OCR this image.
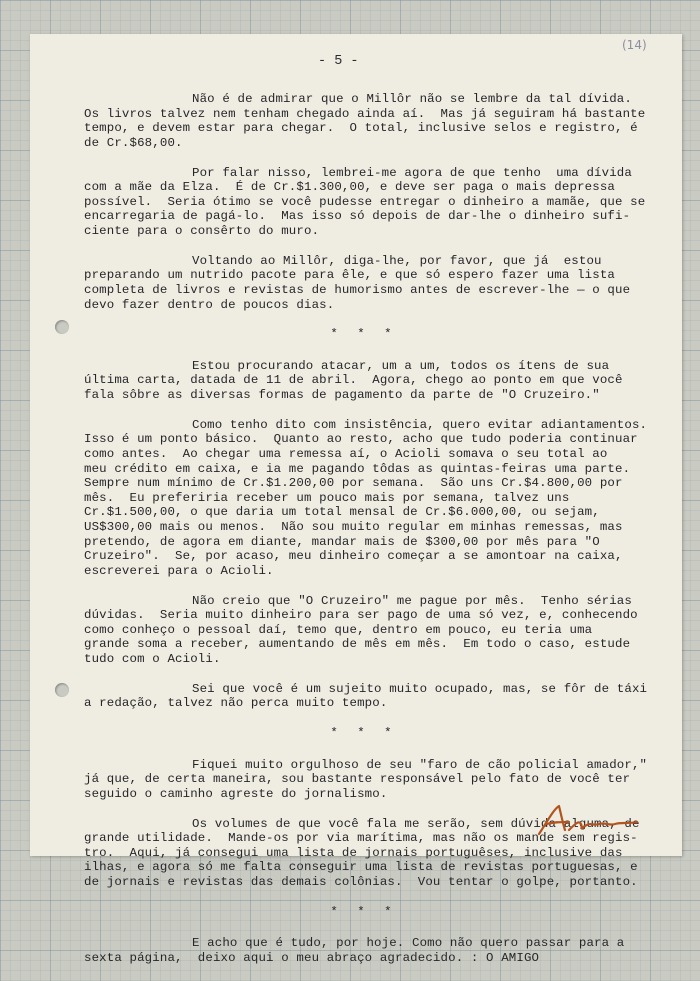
- 5 -
(14)
Não é de admirar que o Millôr não se lembre da tal dívida.
Os livros talvez nem tenham chegado ainda aí.  Mas já seguiram há bastante
tempo, e devem estar para chegar.  O total, inclusive selos e registro, é
de Cr.$68,00.
Por falar nisso, lembrei-me agora de que tenho  uma dívida
com a mãe da Elza.  É de Cr.$1.300,00, e deve ser paga o mais depressa
possível.  Seria ótimo se você pudesse entregar o dinheiro a mamãe, que se
encarregaria de pagá-lo.  Mas isso só depois de dar-lhe o dinheiro sufi-
ciente para o consêrto do muro.
Voltando ao Millôr, diga-lhe, por favor, que já  estou
preparando um nutrido pacote para êle, e que só espero fazer uma lista
completa de livros e revistas de humorismo antes de escrever-lhe — o que
devo fazer dentro de poucos dias.
* * *
Estou procurando atacar, um a um, todos os ítens de sua
última carta, datada de 11 de abril.  Agora, chego ao ponto em que você
fala sôbre as diversas formas de pagamento da parte de "O Cruzeiro."
Como tenho dito com insistência, quero evitar adiantamentos.
Isso é um ponto básico.  Quanto ao resto, acho que tudo poderia continuar
como antes.  Ao chegar uma remessa aí, o Acioli somava o seu total ao
meu crédito em caixa, e ia me pagando tôdas as quintas-feiras uma parte.
Sempre num mínimo de Cr.$1.200,00 por semana.  São uns Cr.$4.800,00 por
mês.  Eu preferiria receber um pouco mais por semana, talvez uns
Cr.$1.500,00, o que daria um total mensal de Cr.$6.000,00, ou sejam,
US$300,00 mais ou menos.  Não sou muito regular em minhas remessas, mas
pretendo, de agora em diante, mandar mais de $300,00 por mês para "O
Cruzeiro".  Se, por acaso, meu dinheiro começar a se amontoar na caixa,
escreverei para o Acioli.
Não creio que "O Cruzeiro" me pague por mês.  Tenho sérias
dúvidas.  Seria muito dinheiro para ser pago de uma só vez, e, conhecendo
como conheço o pessoal daí, temo que, dentro em pouco, eu teria uma
grande soma a receber, aumentando de mês em mês.  Em todo o caso, estude
tudo com o Acioli.
Sei que você é um sujeito muito ocupado, mas, se fôr de táxi
a redação, talvez não perca muito tempo.
* * *
Fiquei muito orgulhoso de seu "faro de cão policial amador,"
já que, de certa maneira, sou bastante responsável pelo fato de você ter
seguido o caminho agreste do jornalismo.
Os volumes de que você fala me serão, sem dúvida alguma, de
grande utilidade.  Mande-os por via marítima, mas não os mande sem regis-
tro.  Aqui, já consegui uma lista de jornais portuguêses, inclusive das
ilhas, e agora só me falta conseguir uma lista de revistas portuguesas, e
de jornais e revistas das demais colônias.  Vou tentar o golpe, portanto.
* * *
E acho que é tudo, por hoje. Como não quero passar para a
sexta página,  deixo aqui o meu abraço agradecido. : O AMIGO
